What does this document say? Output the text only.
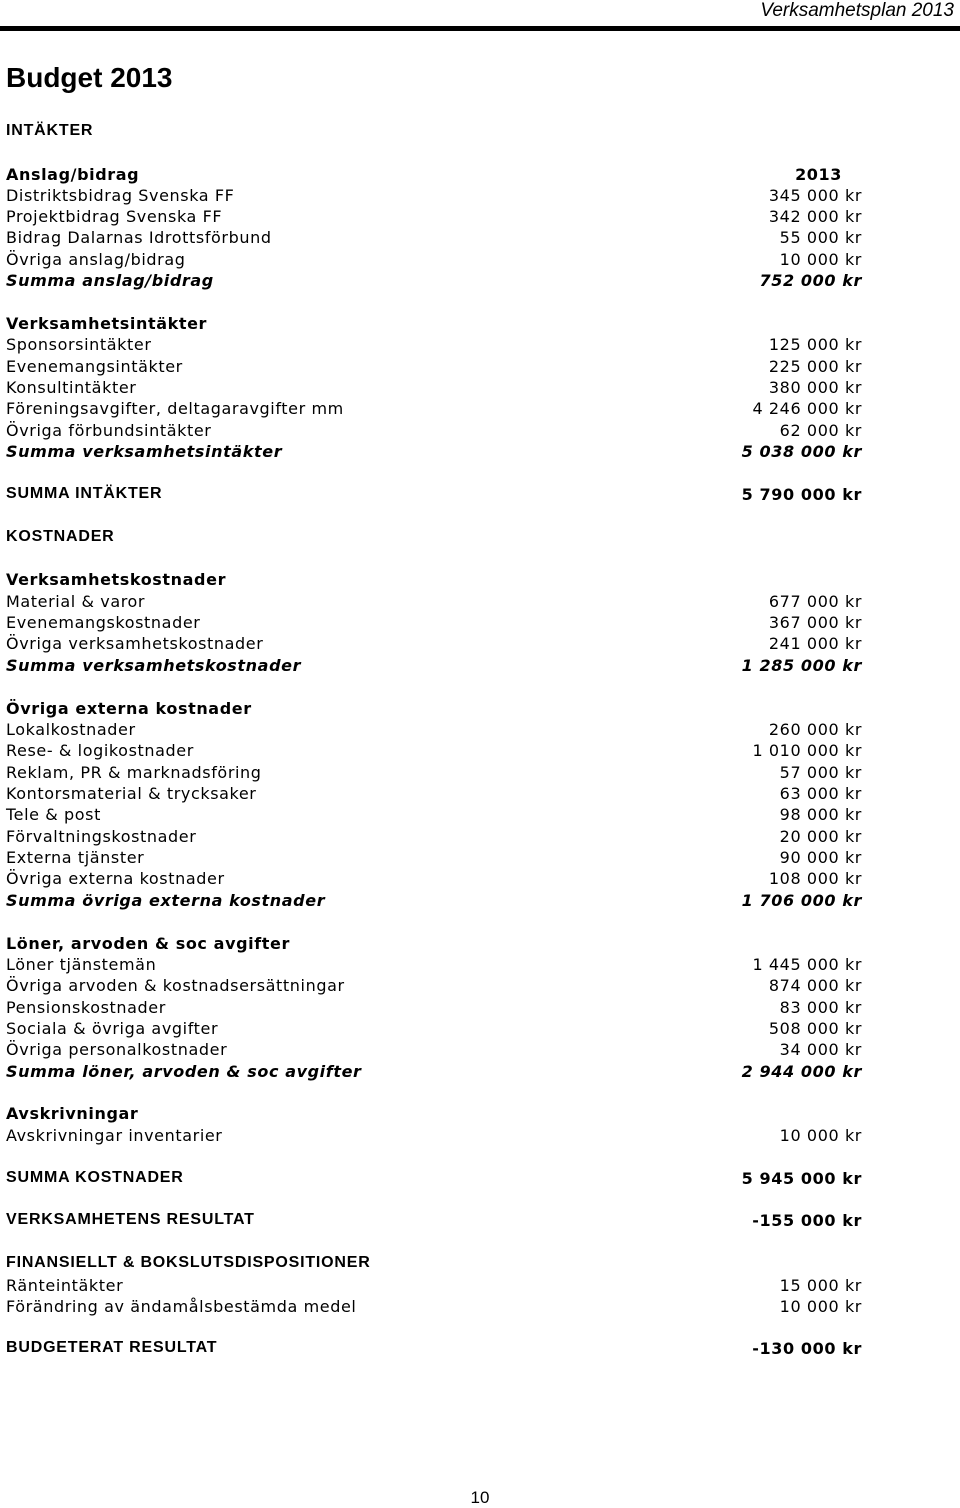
Verksamhetsplan 2013
Budget 2013
INTÄKTER
Anslag/bidrag	2013
Distriktsbidrag Svenska FF	345 000 kr
Projektbidrag Svenska FF	342 000 kr
Bidrag Dalarnas Idrottsförbund	55 000 kr
Övriga anslag/bidrag	10 000 kr
Summa anslag/bidrag	752 000 kr
Verksamhetsintäkter
Sponsorsintäkter	125 000 kr
Evenemangsintäkter	225 000 kr
Konsultintäkter	380 000 kr
Föreningsavgifter, deltagaravgifter mm	4 246 000 kr
Övriga förbundsintäkter	62 000 kr
Summa verksamhetsintäkter	5 038 000 kr
SUMMA INTÄKTER	5 790 000 kr
KOSTNADER
Verksamhetskostnader
Material & varor	677 000 kr
Evenemangskostnader	367 000 kr
Övriga verksamhetskostnader	241 000 kr
Summa verksamhetskostnader	1 285 000 kr
Övriga externa kostnader
Lokalkostnader	260 000 kr
Rese- & logikostnader	1 010 000 kr
Reklam, PR & marknadsföring	57 000 kr
Kontorsmaterial & trycksaker	63 000 kr
Tele & post	98 000 kr
Förvaltningskostnader	20 000 kr
Externa tjänster	90 000 kr
Övriga externa kostnader	108 000 kr
Summa övriga externa kostnader	1 706 000 kr
Löner, arvoden & soc avgifter
Löner tjänstemän	1 445 000 kr
Övriga arvoden & kostnadsersättningar	874 000 kr
Pensionskostnader	83 000 kr
Sociala & övriga avgifter	508 000 kr
Övriga personalkostnader	34 000 kr
Summa löner, arvoden & soc avgifter	2 944 000 kr
Avskrivningar
Avskrivningar inventarier	10 000 kr
SUMMA KOSTNADER	5 945 000 kr
VERKSAMHETENS RESULTAT	-155 000 kr
FINANSIELLT & BOKSLUTSDISPOSITIONER
Ränteintäkter	15 000 kr
Förändring av ändamålsbestämda medel	10 000 kr
BUDGETERAT RESULTAT	-130 000 kr
10
